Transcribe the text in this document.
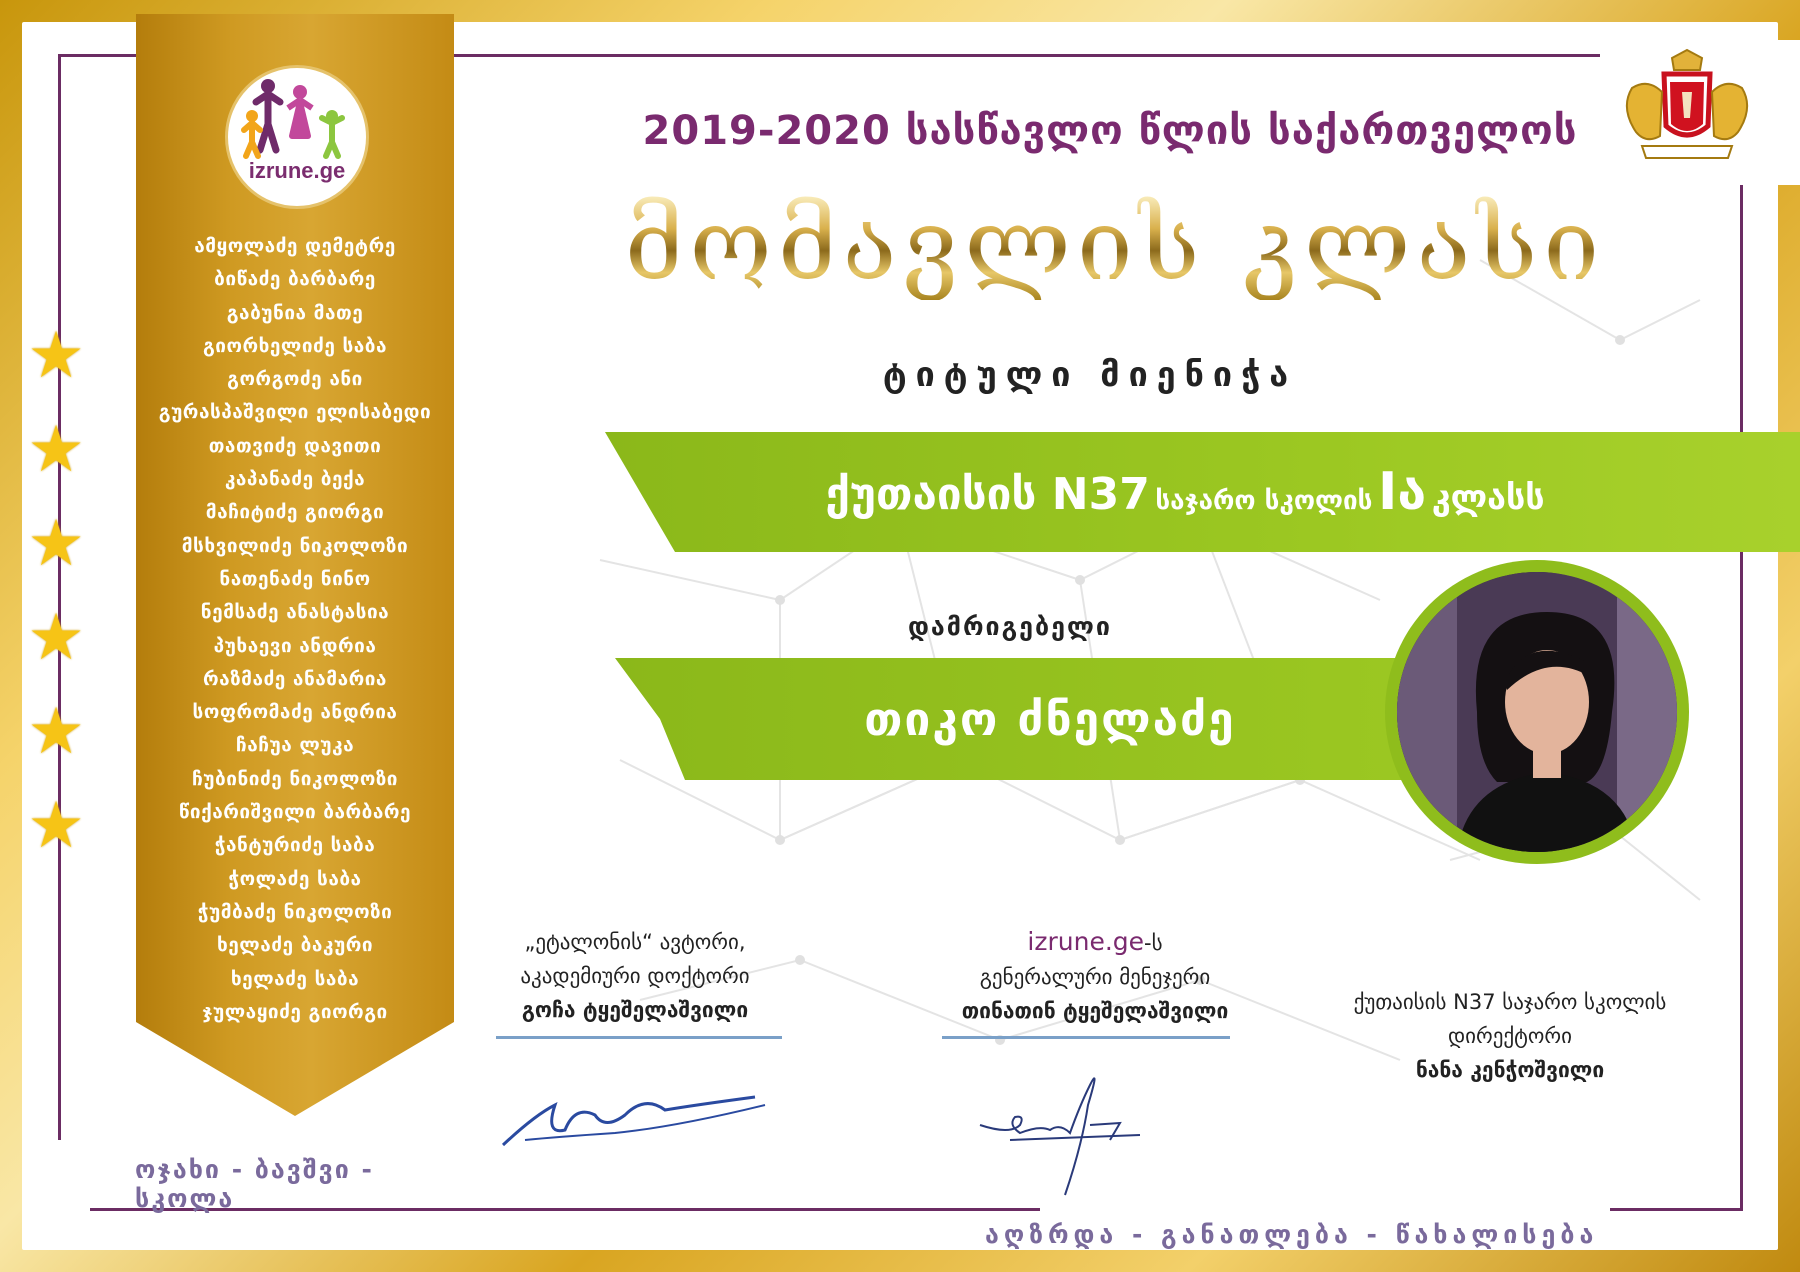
izrune.ge
ამყოლაძე დემეტრე
ბიწაძე ბარბარე
გაბუნია მათე
გიორხელიძე საბა
გორგოძე ანი
გურასპაშვილი ელისაბედი
თათვიძე დავითი
კაპანაძე ბექა
მაჩიტიძე გიორგი
მსხვილიძე ნიკოლოზი
ნათენაძე ნინო
ნემსაძე ანასტასია
პუხაევი ანდრია
რაზმაძე ანამარია
სოფრომაძე ანდრია
ჩაჩუა ლუკა
ჩუბინიძე ნიკოლოზი
წიქარიშვილი ბარბარე
ჭანტურიძე საბა
ჭოლაძე საბა
ჭუმბაძე ნიკოლოზი
ხელაძე ბაკური
ხელაძე საბა
ჯულაყიძე გიორგი
★
★
★
★
★
★
2019-2020 სასწავლო წლის საქართველოს
მომავლის კლასი
ტიტული მიენიჭა
ქუთაისის N37 საჯარო სკოლის Iა კლასს
დამრიგებელი
თიკო ძნელაძე
„ეტალონის“ ავტორი,
აკადემიური დოქტორი
გოჩა ტყეშელაშვილი
izrune.ge-ს
გენერალური მენეჯერი
თინათინ ტყეშელაშვილი	ქუთაისის N37 საჯარო სკოლის
დირექტორი
ნანა კენჭოშვილი
ოჯახი - ბავშვი - სკოლა
აღზრდა - განათლება - წახალისება
